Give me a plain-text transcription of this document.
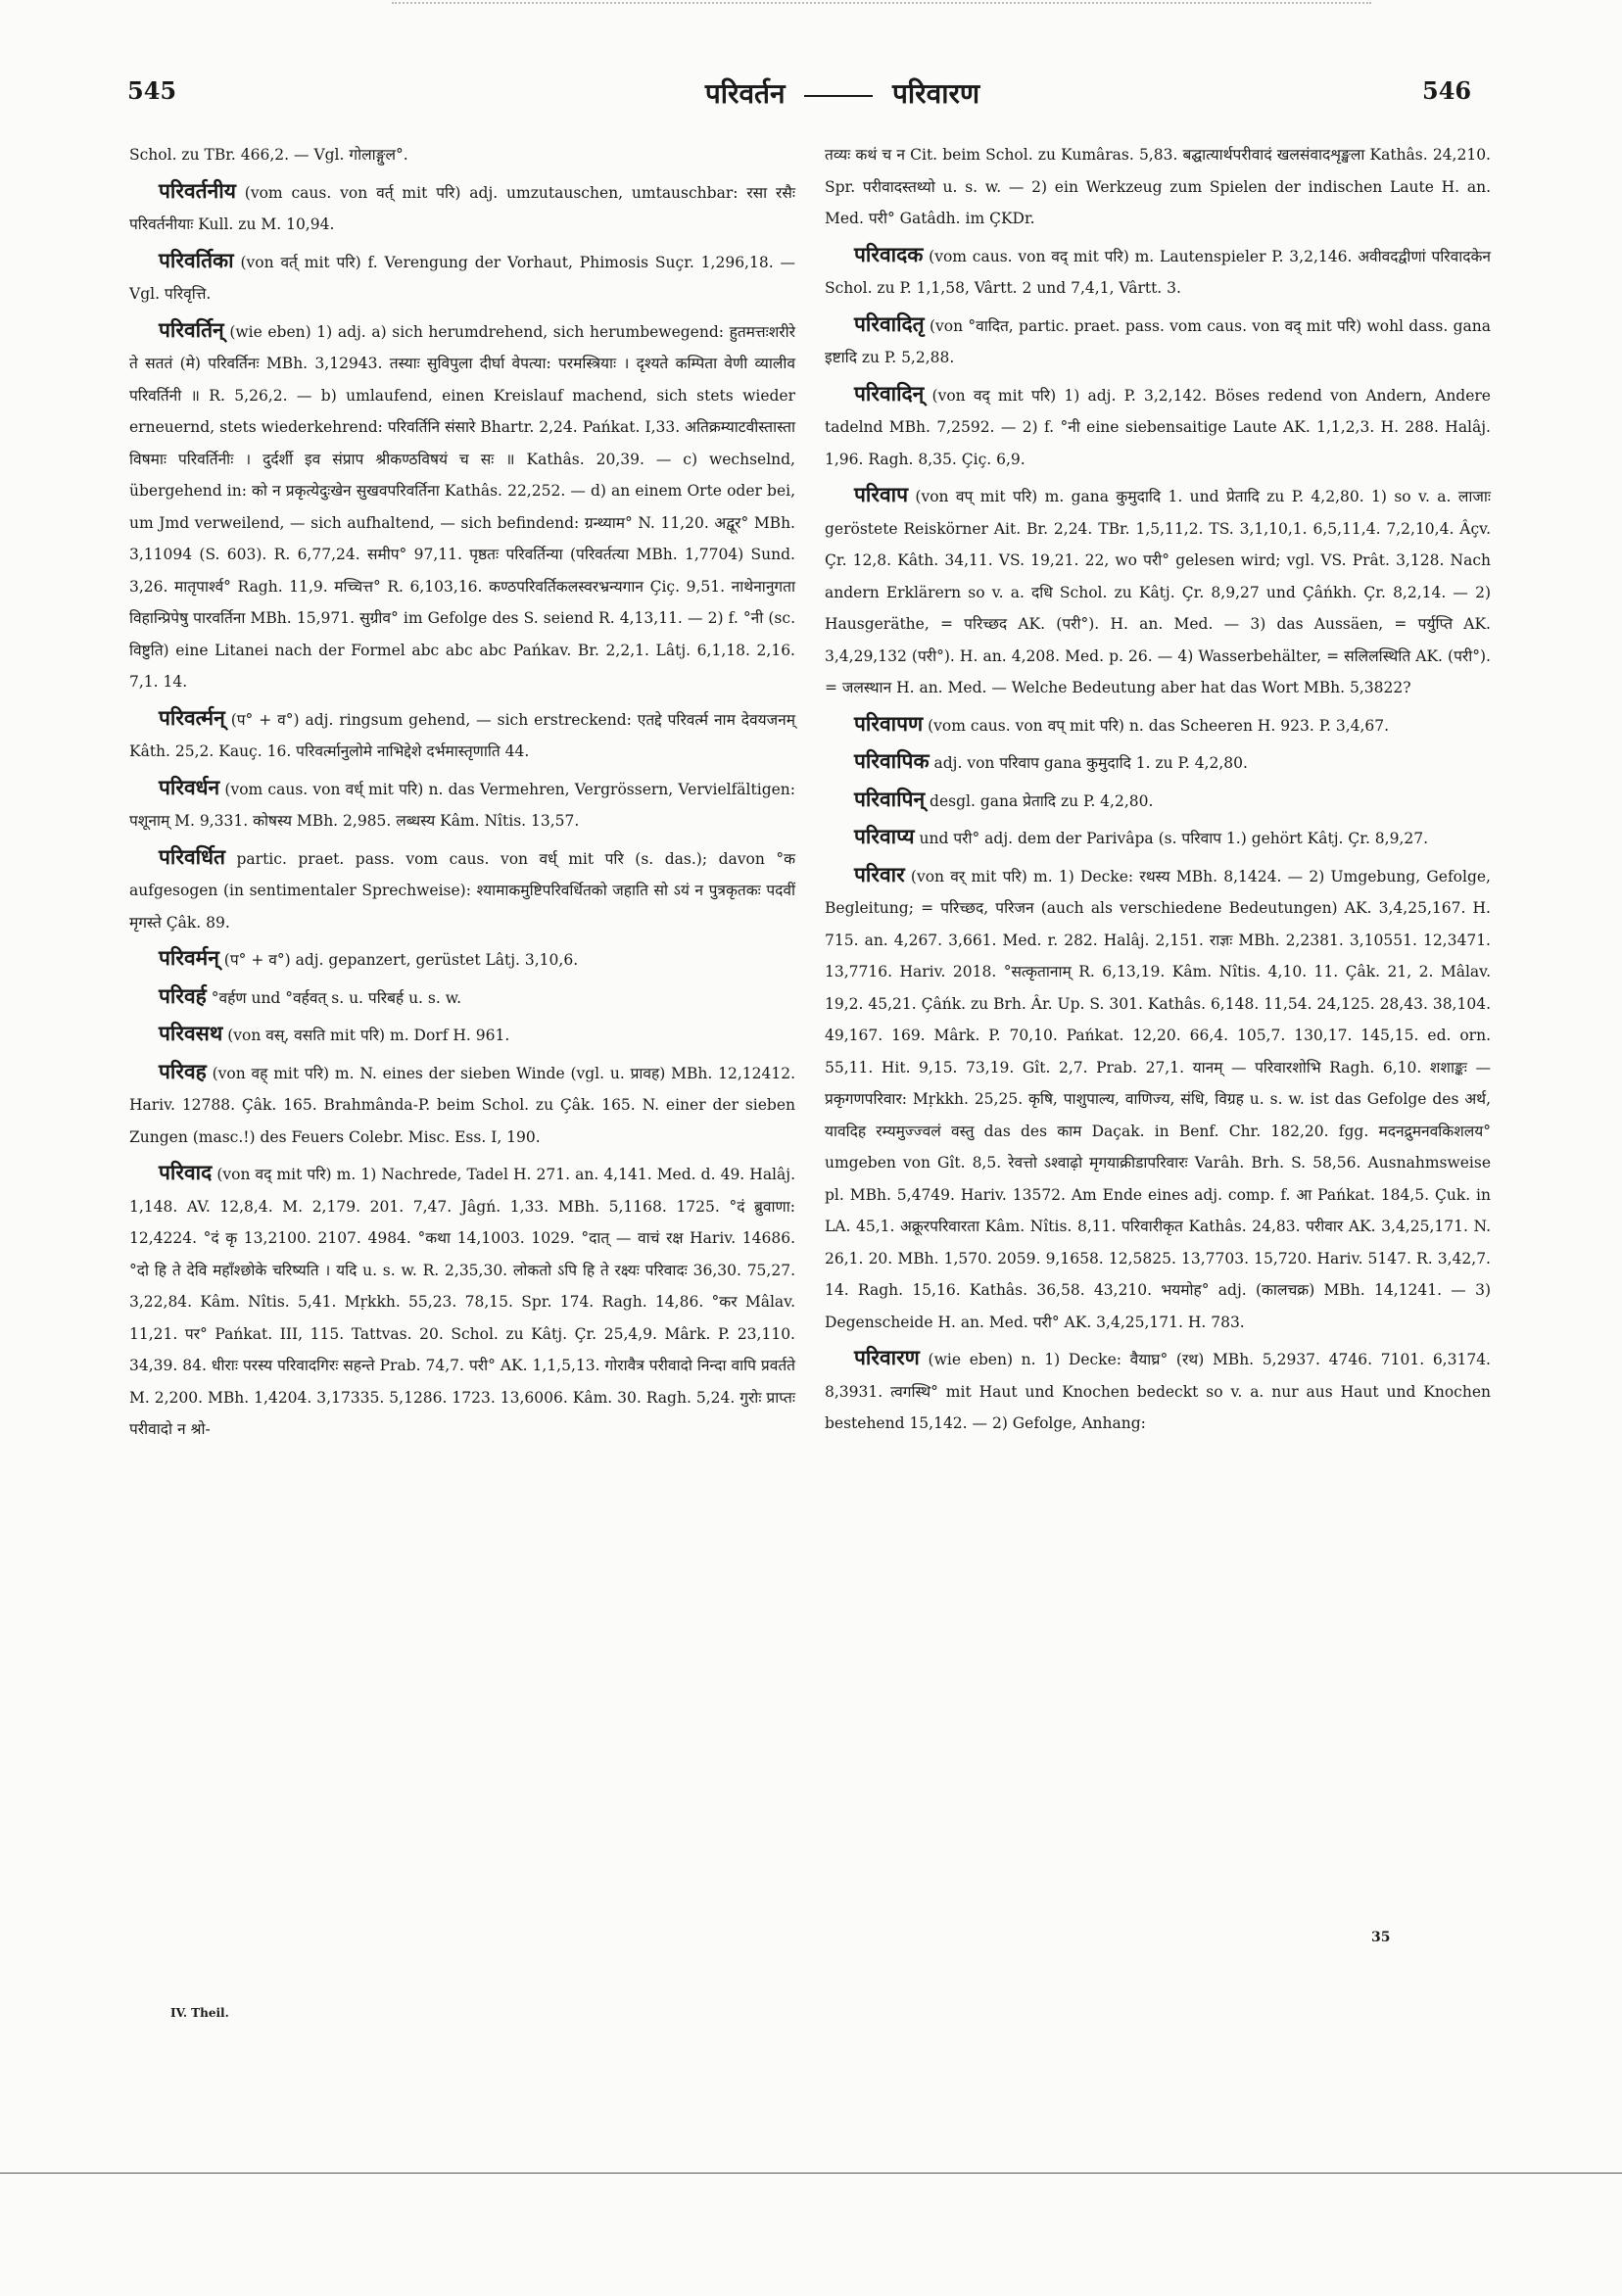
545	परिवर्तन	परिवारण	546

Schol. zu TBr. 466,2. — Vgl. गोलाङ्गुल°.

परिवर्तनीय (vom caus. von वर्त् mit परि) adj. umzutauschen, umtauschbar: रसा रसैः परिवर्तनीयाः Kull. zu M. 10,94.

परिवर्तिका (von वर्त् mit परि) f. Verengung der Vorhaut, Phimosis Suçr. 1,296,18. — Vgl. परिवृत्ति.

परिवर्तिन् (wie eben) 1) adj. a) sich herumdrehend, sich herumbewegend: हुतमत्तःशरीरे ते सततं (मे) परिवर्तिनः MBh. 3,12943. तस्याः सुविपुला दीर्घा वेपत्या: परमस्त्रियाः । दृश्यते कम्पिता वेणी व्यालीव परिवर्तिनी ॥ R. 5,26,2. — b) umlaufend, einen Kreislauf machend, sich stets wieder erneuernd, stets wiederkehrend: परिवर्तिनि संसारे Bhartr. 2,24. Pańkat. I,33. अतिक्रम्याटवीस्तास्ता विषमाः परिवर्तिनीः । दुर्दर्शी इव संप्राप श्रीकण्ठविषयं च सः ॥ Kathâs. 20,39. — c) wechselnd, übergehend in: को न प्रकृत्येदुःखेन सुखवपरिवर्तिना Kathâs. 22,252. — d) an einem Orte oder bei, um Jmd verweilend, — sich aufhaltend, — sich befindend: ग्रन्थ्याम° N. 11,20. अद्वूर° MBh. 3,11094 (S. 603). R. 6,77,24. समीप° 97,11. पृष्ठतः परिवर्तिन्या (परिवर्तत्या MBh. 1,7704) Sund. 3,26. मातृपार्श्व° Ragh. 11,9. मच्चित्त° R. 6,103,16. कण्ठपरिवर्तिकलस्वरभ्रन्यगान Çiç. 9,51. नाथेनानुगता विहान्प्रिपेषु पारवर्तिना MBh. 15,971. सुग्रीव° im Gefolge des S. seiend R. 4,13,11. — 2) f. °नी (sc. विष्टुति) eine Litanei nach der Formel abc abc abc Pańkav. Br. 2,2,1. Lâtj. 6,1,18. 2,16. 7,1. 14.

परिवर्त्मन् (प° + व°) adj. ringsum gehend, — sich erstreckend: एतद्दे परिवर्त्म नाम देवयजनम् Kâth. 25,2. Kauç. 16. परिवर्त्मानुलोमे नाभिद्देशे दर्भमास्तृणाति 44.

परिवर्धन (vom caus. von वर्ध् mit परि) n. das Vermehren, Vergrössern, Vervielfältigen: पशूनाम् M. 9,331. कोषस्य MBh. 2,985. लब्धस्य Kâm. Nîtis. 13,57.

परिवर्धित partic. praet. pass. vom caus. von वर्ध् mit परि (s. das.); davon °क aufgesogen (in sentimentaler Sprechweise): श्यामाकमुष्टिपरिवर्धितको जहाति सो ऽयं न पुत्रकृतकः पदवीं मृगस्ते Çâk. 89.

परिवर्मन् (प° + व°) adj. gepanzert, gerüstet Lâtj. 3,10,6.

परिवर्ह °वर्हण und °वर्हवत् s. u. परिबर्ह u. s. w.

परिवसथ (von वस्, वसति mit परि) m. Dorf H. 961.

परिवह (von वह् mit परि) m. N. eines der sieben Winde (vgl. u. प्रावह) MBh. 12,12412. Hariv. 12788. Çâk. 165. Brahmânda-P. beim Schol. zu Çâk. 165. N. einer der sieben Zungen (masc.!) des Feuers Colebr. Misc. Ess. I, 190.

परिवाद (von वद् mit परि) m. 1) Nachrede, Tadel H. 271. an. 4,141. Med. d. 49. Halâj. 1,148. AV. 12,8,4. M. 2,179. 201. 7,47. Jâgń. 1,33. MBh. 5,1168. 1725. °दं ब्रुवाणा: 12,4224. °दं कृ 13,2100. 2107. 4984. °कथा 14,1003. 1029. °दात् — वाचं रक्ष Hariv. 14686. °दो हि ते देवि महाँश्छोके चरिष्यति । यदि u. s. w. R. 2,35,30. लोकतो ऽपि हि ते रक्ष्यः परिवादः 36,30. 75,27. 3,22,84. Kâm. Nîtis. 5,41. Mṛkkh. 55,23. 78,15. Spr. 174. Ragh. 14,86. °कर Mâlav. 11,21. पर° Pańkat. III, 115. Tattvas. 20. Schol. zu Kâtj. Çr. 25,4,9. Mârk. P. 23,110. 34,39. 84. धीराः परस्य परिवादगिरः सहन्ते Prab. 74,7. परी° AK. 1,1,5,13. गोरावैत्र परीवादो निन्दा वापि प्रवर्तते M. 2,200. MBh. 1,4204. 3,17335. 5,1286. 1723. 13,6006. Kâm. 30. Ragh. 5,24. गुरोः प्राप्तः परीवादो न श्रो-

IV. Theil.

तव्यः कथं च न Cit. beim Schol. zu Kumâras. 5,83. बद्घात्यार्थपरीवादं खलसंवादशृङ्खला Kathâs. 24,210. Spr. परीवादस्तथ्यो u. s. w. — 2) ein Werkzeug zum Spielen der indischen Laute H. an. Med. परी° Gatâdh. im ÇKDr.

परिवादक (vom caus. von वद् mit परि) m. Lautenspieler P. 3,2,146. अवीवदद्वीणां परिवादकेन Schol. zu P. 1,1,58, Vârtt. 2 und 7,4,1, Vârtt. 3.

परिवादितृ (von °वादित, partic. praet. pass. vom caus. von वद् mit परि) wohl dass. gana इष्टादि zu P. 5,2,88.

परिवादिन् (von वद् mit परि) 1) adj. P. 3,2,142. Böses redend von Andern, Andere tadelnd MBh. 7,2592. — 2) f. °नी eine siebensaitige Laute AK. 1,1,2,3. H. 288. Halâj. 1,96. Ragh. 8,35. Çiç. 6,9.

परिवाप (von वप् mit परि) m. gana कुमुदादि 1. und प्रेतादि zu P. 4,2,80. 1) so v. a. लाजाः geröstete Reiskörner Ait. Br. 2,24. TBr. 1,5,11,2. TS. 3,1,10,1. 6,5,11,4. 7,2,10,4. Âçv. Çr. 12,8. Kâth. 34,11. VS. 19,21. 22, wo परी° gelesen wird; vgl. VS. Prât. 3,128. Nach andern Erklärern so v. a. दधि Schol. zu Kâtj. Çr. 8,9,27 und Çâńkh. Çr. 8,2,14. — 2) Hausgeräthe, = परिच्छद AK. (परी°). H. an. Med. — 3) das Aussäen, = पर्युप्ति AK. 3,4,29,132 (परी°). H. an. 4,208. Med. p. 26. — 4) Wasserbehälter, = सलिलस्थिति AK. (परी°). = जलस्थान H. an. Med. — Welche Bedeutung aber hat das Wort MBh. 5,3822?

परिवापण (vom caus. von वप् mit परि) n. das Scheeren H. 923. P. 3,4,67.

परिवापिक adj. von परिवाप gana कुमुदादि 1. zu P. 4,2,80.

परिवापिन् desgl. gana प्रेतादि zu P. 4,2,80.

परिवाप्य und परी° adj. dem der Parivâpa (s. परिवाप 1.) gehört Kâtj. Çr. 8,9,27.

परिवार (von वर् mit परि) m. 1) Decke: रथस्य MBh. 8,1424. — 2) Umgebung, Gefolge, Begleitung; = परिच्छद, परिजन (auch als verschiedene Bedeutungen) AK. 3,4,25,167. H. 715. an. 4,267. 3,661. Med. r. 282. Halâj. 2,151. राज्ञः MBh. 2,2381. 3,10551. 12,3471. 13,7716. Hariv. 2018. °सत्कृतानाम् R. 6,13,19. Kâm. Nîtis. 4,10. 11. Çâk. 21, 2. Mâlav. 19,2. 45,21. Çâńk. zu Brh. Âr. Up. S. 301. Kathâs. 6,148. 11,54. 24,125. 28,43. 38,104. 49,167. 169. Mârk. P. 70,10. Pańkat. 12,20. 66,4. 105,7. 130,17. 145,15. ed. orn. 55,11. Hit. 9,15. 73,19. Gît. 2,7. Prab. 27,1. यानम् — परिवारशोभि Ragh. 6,10. शशाङ्कः — प्रकृगणपरिवार: Mṛkkh. 25,25. कृषि, पाशुपाल्य, वाणिज्य, संधि, विग्रह u. s. w. ist das Gefolge des अर्थ, यावदिह रम्यमुज्ज्वलं वस्तु das des काम Daçak. in Benf. Chr. 182,20. fgg. मदनद्रुमनवकिशलय° umgeben von Gît. 8,5. रेवत्तो ऽश्वाढ़ो मृगयाक्रीडापरिवारः Varâh. Brh. S. 58,56. Ausnahmsweise pl. MBh. 5,4749. Hariv. 13572. Am Ende eines adj. comp. f. आ Pańkat. 184,5. Çuk. in LA. 45,1. अक्रूरपरिवारता Kâm. Nîtis. 8,11. परिवारीकृत Kathâs. 24,83. परीवार AK. 3,4,25,171. N. 26,1. 20. MBh. 1,570. 2059. 9,1658. 12,5825. 13,7703. 15,720. Hariv. 5147. R. 3,42,7. 14. Ragh. 15,16. Kathâs. 36,58. 43,210. भयमोह° adj. (कालचक्र) MBh. 14,1241. — 3) Degenscheide H. an. Med. परी° AK. 3,4,25,171. H. 783.

परिवारण (wie eben) n. 1) Decke: वैयाघ्र° (रथ) MBh. 5,2937. 4746. 7101. 6,3174. 8,3931. त्वगस्थि° mit Haut und Knochen bedeckt so v. a. nur aus Haut und Knochen bestehend 15,142. — 2) Gefolge, Anhang:

35
